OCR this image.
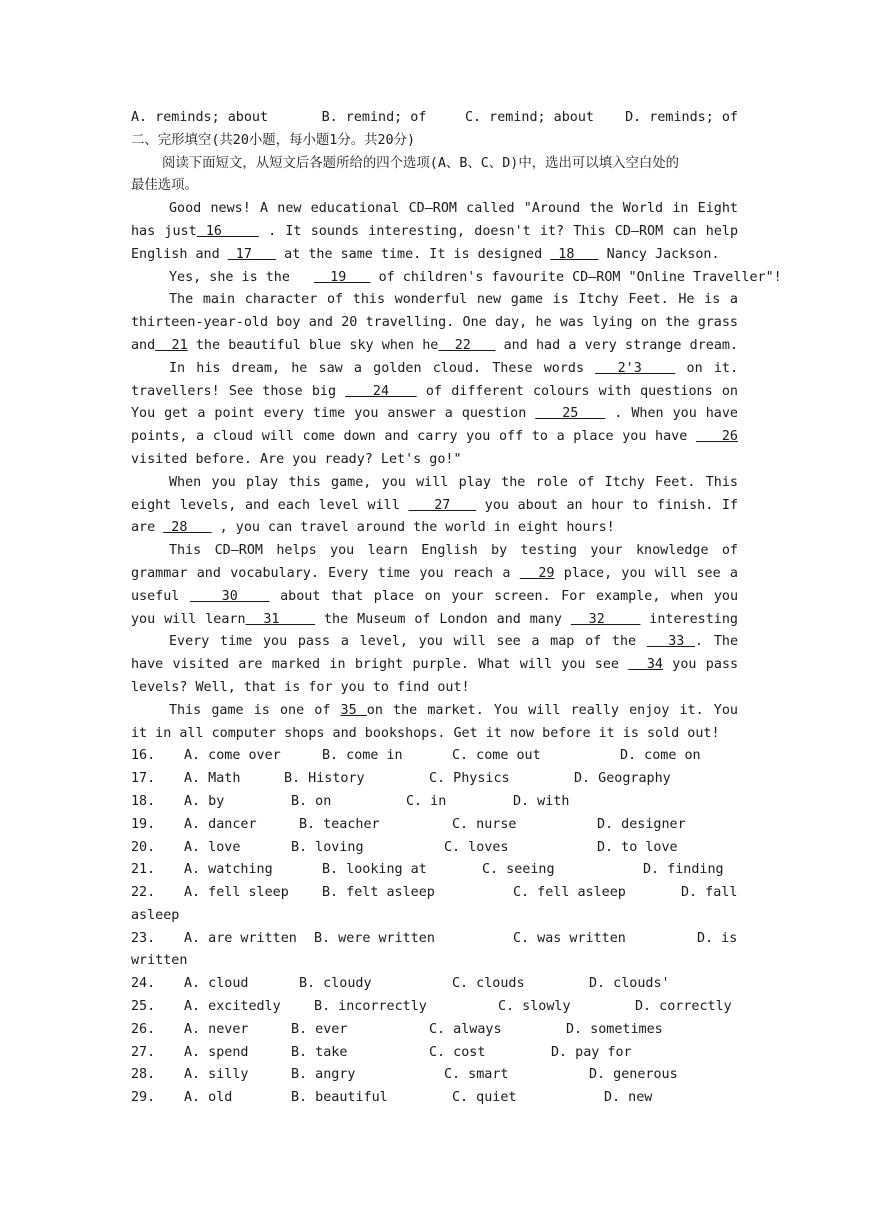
A. reminds; about	B. remind; of	C. remind; about	D. reminds; of
二、完形填空(共20小题，每小题1分。共20分)
阅读下面短文，从短文后各题所给的四个选项(A、B、C、D)中，选出可以填入空白处的
最佳选项。
Good news! A new educational CD—ROM called "Around the World in Eight
has just 16     . It sounds interesting, doesn't it? This CD—ROM can help
English and  17    at the same time. It is designed  18    Nancy Jackson.
Yes, she is the     19    of children's favourite CD—ROM "Online Traveller"!
The main character of this wonderful new game is Itchy Feet. He is a
thirteen-year-old boy and 20 travelling. One day, he was lying on the grass
and  21 the beautiful blue sky when he  22    and had a very strange dream.
In his dream, he saw a golden cloud. These words   2'3    on it.
travellers! See those big    24    of different colours with questions on
You get a point every time you answer a question    25    . When you have
points, a cloud will come down and carry you off to a place you have    26
visited before. Are you ready? Let's go!"
When you play this game, you will play the role of Itchy Feet. This
eight levels, and each level will    27    you about an hour to finish. If
are  28    , you can travel around the world in eight hours!
This CD—ROM helps you learn English by testing your knowledge of
grammar and vocabulary. Every time you reach a   29 place, you will see a
useful    30    about that place on your screen. For example, when you
you will learn  31     the Museum of London and many   32     interesting
Every time you pass a level, you will see a map of the   33 . The
have visited are marked in bright purple. What will you see   34 you pass
levels? Well, that is for you to find out!
This game is one of 35 on the market. You will really enjoy it. You
it in all computer shops and bookshops. Get it now before it is sold out!
16. A. come over	B. come in	C. come out	D. come on
17. A. Math	B. History	C. Physics	D. Geography
18. A. by	B. on	C. in	D. with
19. A. dancer	B. teacher	C. nurse	D. designer
20. A. love	B. loving	C. loves	D. to love
21. A. watching	B. looking at	C. seeing	D. finding
22. A. fell sleep B. felt asleep	C. fell asleep	D. fall
asleep
23. A. are written B. were written	C. was written	D. is
written
24. A. cloud	B. cloudy	C. clouds	D. clouds'
25. A. excitedly B. incorrectly	C. slowly	D. correctly
26. A. never	B. ever	C. always	D. sometimes
27. A. spend	B. take	C. cost	D. pay for
28. A. silly	B. angry	C. smart	D. generous
29. A. old	B. beautiful	C. quiet	D. new
